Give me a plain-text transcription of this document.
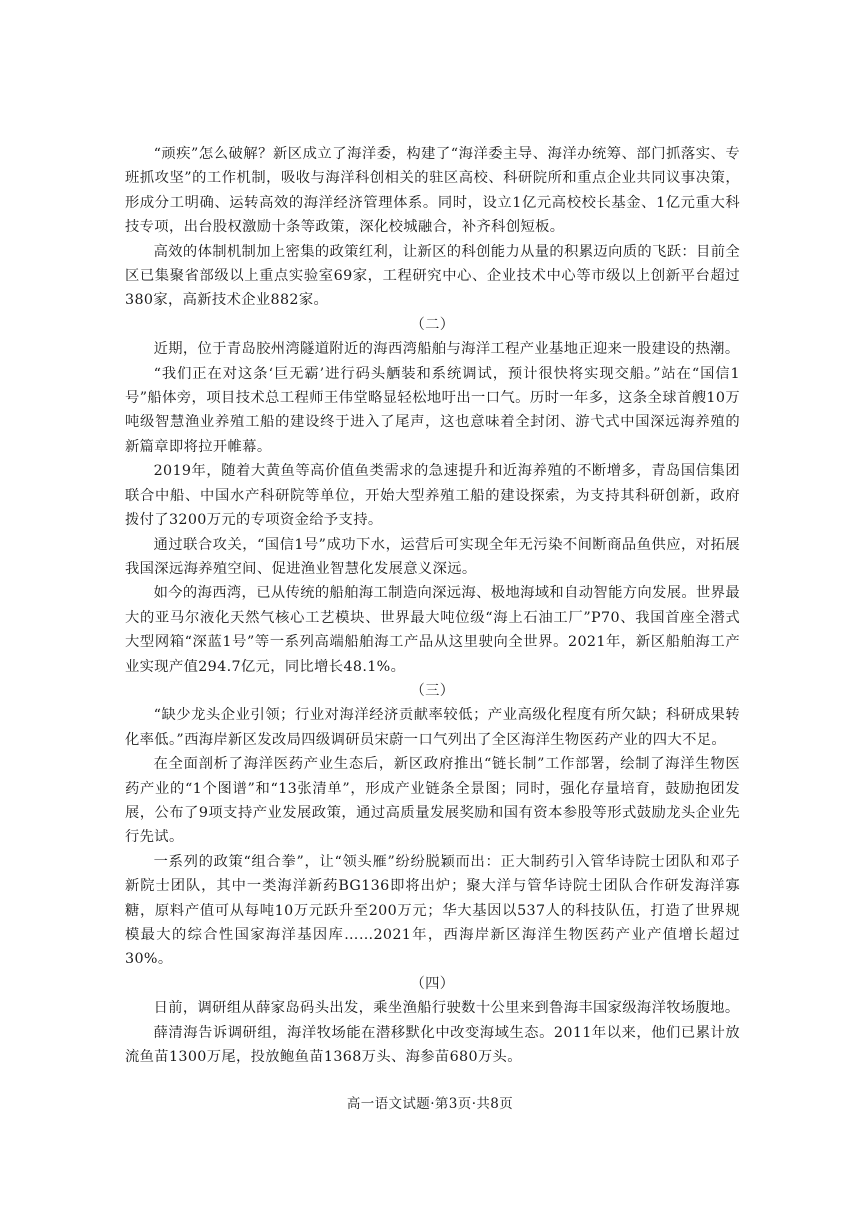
“顽疾”怎么破解？新区成立了海洋委，构建了“海洋委主导、海洋办统筹、部门抓落实、专班抓攻坚”的工作机制，吸收与海洋科创相关的驻区高校、科研院所和重点企业共同议事决策，形成分工明确、运转高效的海洋经济管理体系。同时，设立1亿元高校校长基金、1亿元重大科技专项，出台股权激励十条等政策，深化校城融合，补齐科创短板。

高效的体制机制加上密集的政策红利，让新区的科创能力从量的积累迈向质的飞跃：目前全区已集聚省部级以上重点实验室69家，工程研究中心、企业技术中心等市级以上创新平台超过380家，高新技术企业882家。

（二）

近期，位于青岛胶州湾隧道附近的海西湾船舶与海洋工程产业基地正迎来一股建设的热潮。

“我们正在对这条‘巨无霸’进行码头舾装和系统调试，预计很快将实现交船。”站在“国信1号”船体旁，项目技术总工程师王伟堂略显轻松地吁出一口气。历时一年多，这条全球首艘10万吨级智慧渔业养殖工船的建设终于进入了尾声，这也意味着全封闭、游弋式中国深远海养殖的新篇章即将拉开帷幕。

2019年，随着大黄鱼等高价值鱼类需求的急速提升和近海养殖的不断增多，青岛国信集团联合中船、中国水产科研院等单位，开始大型养殖工船的建设探索，为支持其科研创新，政府拨付了3200万元的专项资金给予支持。

通过联合攻关，“国信1号”成功下水，运营后可实现全年无污染不间断商品鱼供应，对拓展我国深远海养殖空间、促进渔业智慧化发展意义深远。

如今的海西湾，已从传统的船舶海工制造向深远海、极地海域和自动智能方向发展。世界最大的亚马尔液化天然气核心工艺模块、世界最大吨位级“海上石油工厂”P70、我国首座全潜式大型网箱“深蓝1号”等一系列高端船舶海工产品从这里驶向全世界。2021年，新区船舶海工产业实现产值294.7亿元，同比增长48.1%。

（三）

“缺少龙头企业引领；行业对海洋经济贡献率较低；产业高级化程度有所欠缺；科研成果转化率低。”西海岸新区发改局四级调研员宋蔚一口气列出了全区海洋生物医药产业的四大不足。

在全面剖析了海洋医药产业生态后，新区政府推出“链长制”工作部署，绘制了海洋生物医药产业的“1个图谱”和“13张清单”，形成产业链条全景图；同时，强化存量培育，鼓励抱团发展，公布了9项支持产业发展政策，通过高质量发展奖励和国有资本参股等形式鼓励龙头企业先行先试。

一系列的政策“组合拳”，让“领头雁”纷纷脱颖而出：正大制药引入管华诗院士团队和邓子新院士团队，其中一类海洋新药BG136即将出炉；聚大洋与管华诗院士团队合作研发海洋寡糖，原料产值可从每吨10万元跃升至200万元；华大基因以537人的科技队伍，打造了世界规模最大的综合性国家海洋基因库……2021年，西海岸新区海洋生物医药产业产值增长超过30%。

（四）

日前，调研组从薛家岛码头出发，乘坐渔船行驶数十公里来到鲁海丰国家级海洋牧场腹地。

薛清海告诉调研组，海洋牧场能在潜移默化中改变海域生态。2011年以来，他们已累计放流鱼苗1300万尾，投放鲍鱼苗1368万头、海参苗680万头。

高一语文试题·第3页·共8页
